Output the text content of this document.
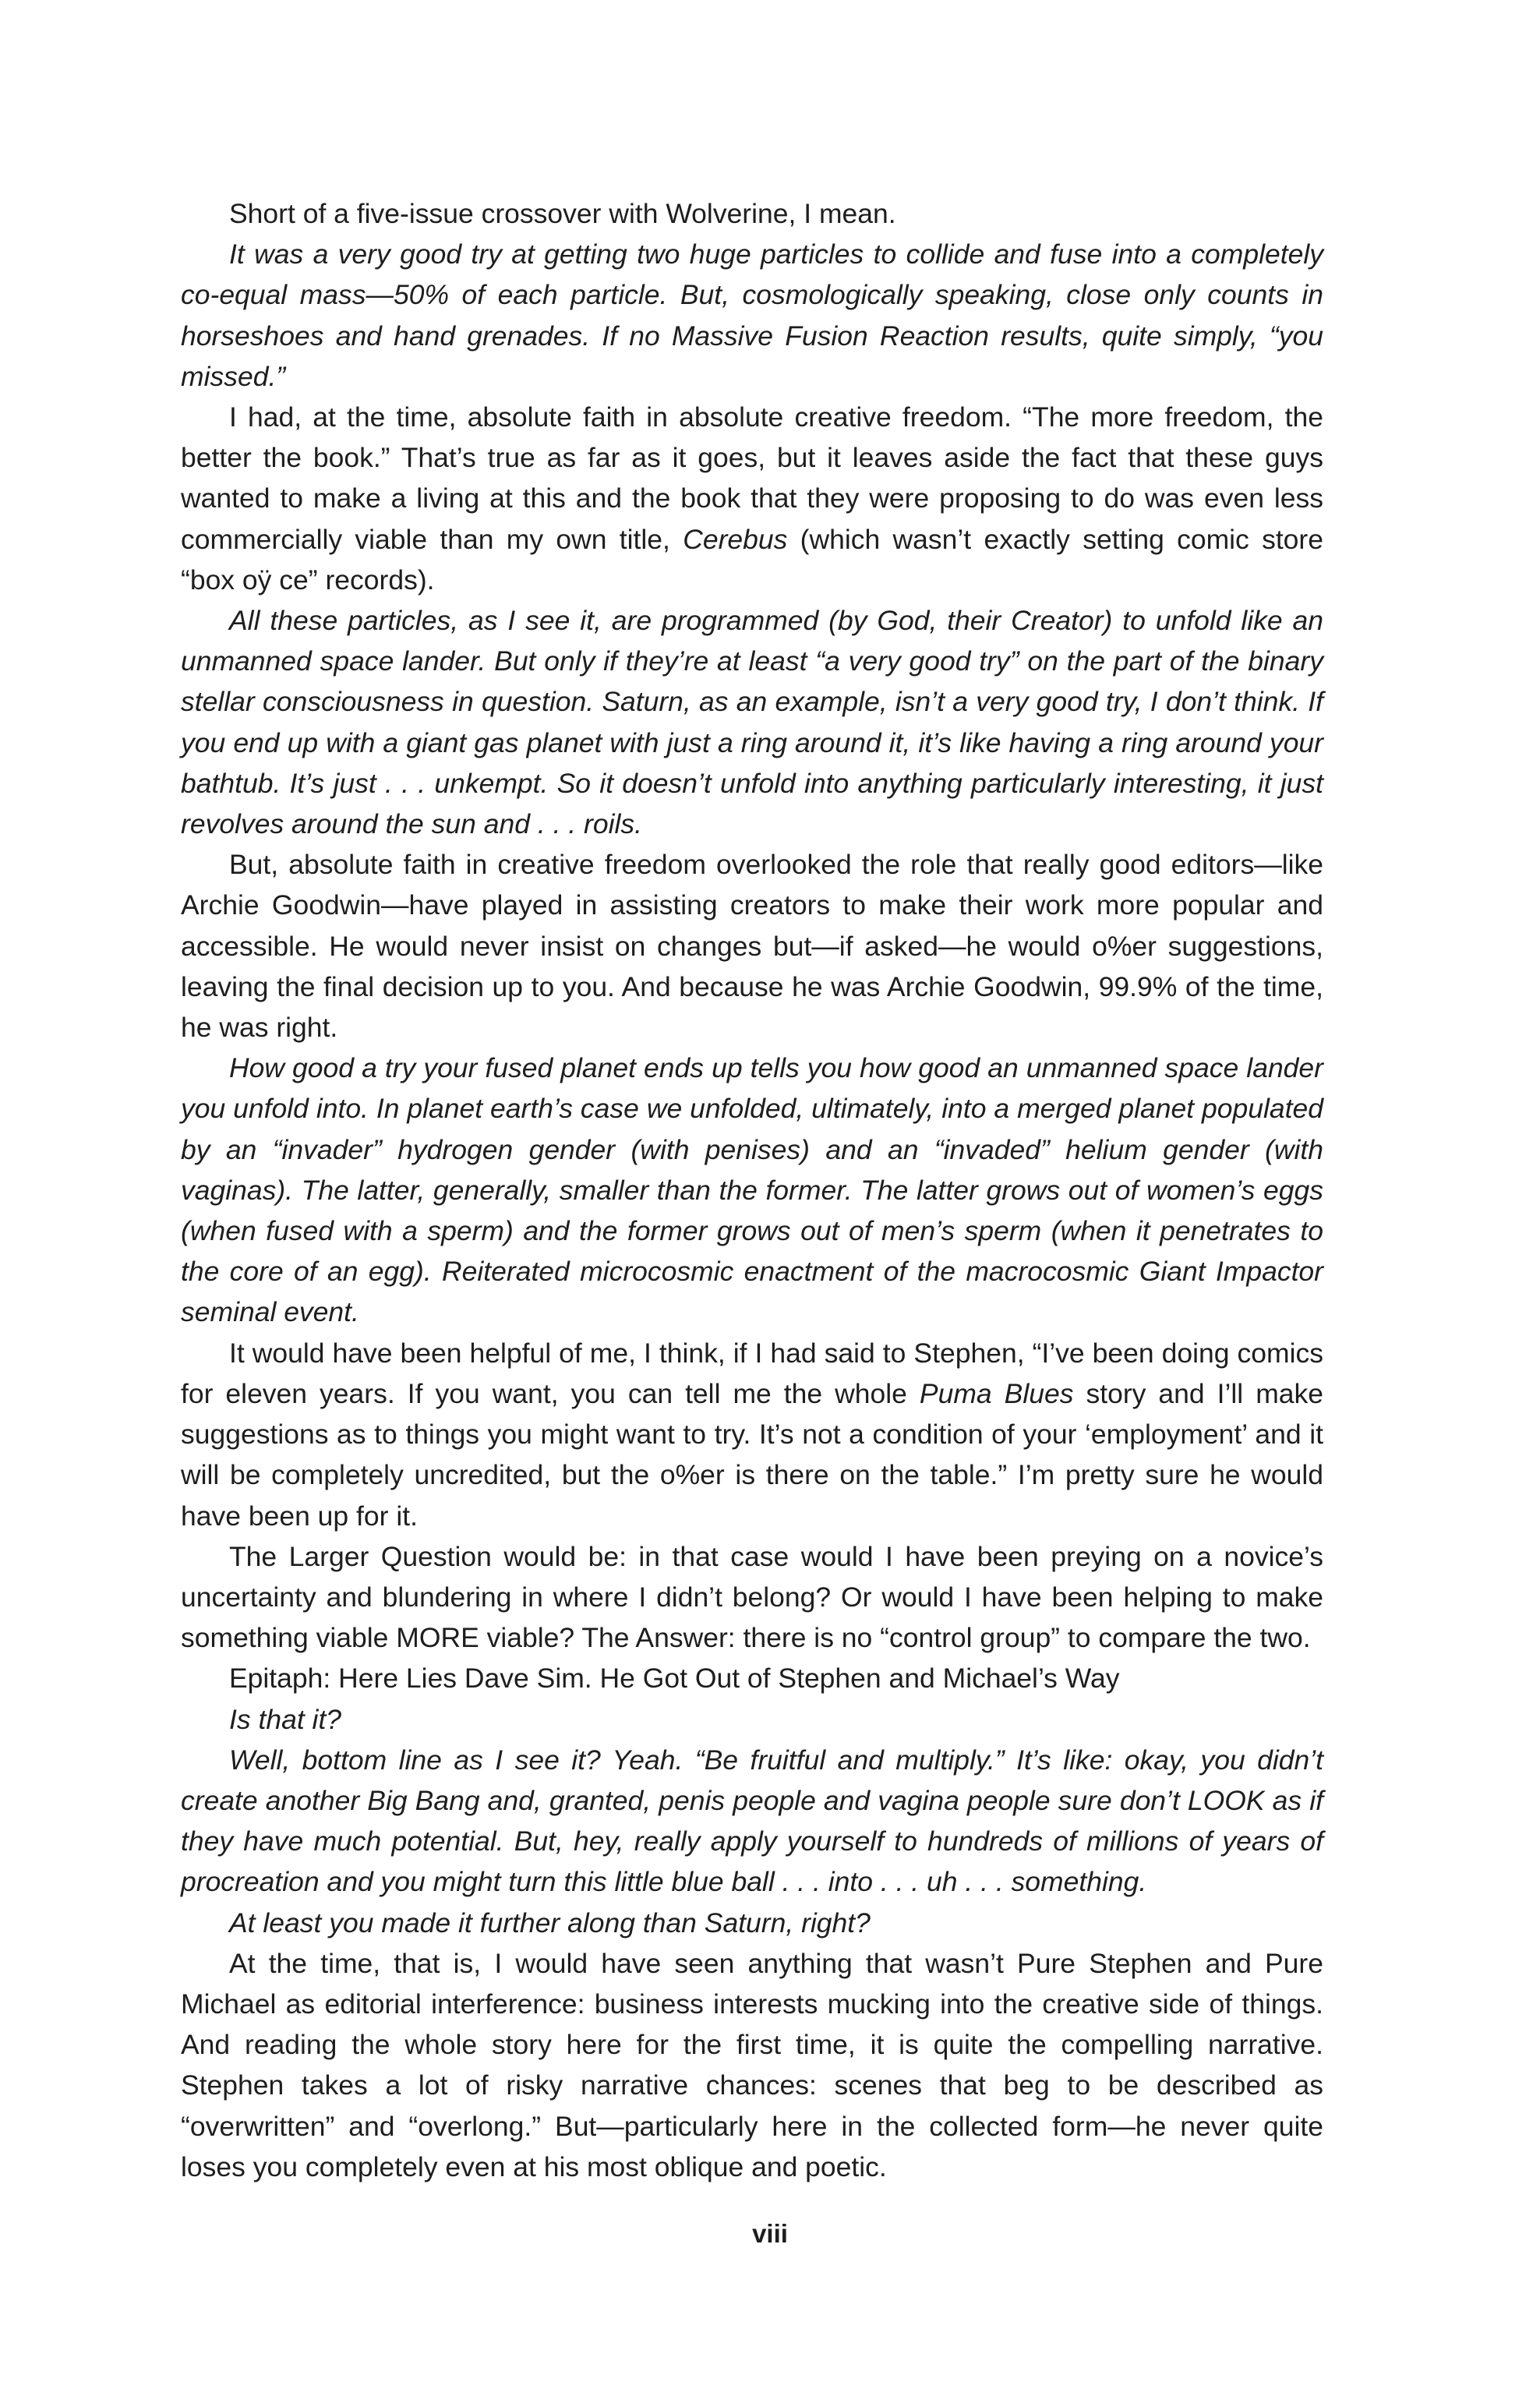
Short of a five-issue crossover with Wolverine, I mean.

It was a very good try at getting two huge particles to collide and fuse into a completely co-equal mass—50% of each particle. But, cosmologically speaking, close only counts in horseshoes and hand grenades. If no Massive Fusion Reaction results, quite simply, “you missed.”

I had, at the time, absolute faith in absolute creative freedom. “The more freedom, the better the book.” That’s true as far as it goes, but it leaves aside the fact that these guys wanted to make a living at this and the book that they were proposing to do was even less commercially viable than my own title, Cerebus (which wasn’t exactly setting comic store “box oÿ ce” records).

All these particles, as I see it, are programmed (by God, their Creator) to unfold like an unmanned space lander. But only if they’re at least “a very good try” on the part of the binary stellar consciousness in question. Saturn, as an example, isn’t a very good try, I don’t think. If you end up with a giant gas planet with just a ring around it, it’s like having a ring around your bathtub. It’s just . . . unkempt. So it doesn’t unfold into anything particularly interesting, it just revolves around the sun and . . . roils.

But, absolute faith in creative freedom overlooked the role that really good editors—like Archie Goodwin—have played in assisting creators to make their work more popular and accessible. He would never insist on changes but—if asked—he would o%er suggestions, leaving the final decision up to you. And because he was Archie Goodwin, 99.9% of the time, he was right.

How good a try your fused planet ends up tells you how good an unmanned space lander you unfold into. In planet earth’s case we unfolded, ultimately, into a merged planet populated by an “invader” hydrogen gender (with penises) and an “invaded” helium gender (with vaginas). The latter, generally, smaller than the former. The latter grows out of women’s eggs (when fused with a sperm) and the former grows out of men’s sperm (when it penetrates to the core of an egg). Reiterated microcosmic enactment of the macrocosmic Giant Impactor seminal event.

It would have been helpful of me, I think, if I had said to Stephen, “I’ve been doing comics for eleven years. If you want, you can tell me the whole Puma Blues story and I’ll make suggestions as to things you might want to try. It’s not a condition of your ‘employment’ and it will be completely uncredited, but the o%er is there on the table.” I’m pretty sure he would have been up for it.

The Larger Question would be: in that case would I have been preying on a novice’s uncertainty and blundering in where I didn’t belong? Or would I have been helping to make something viable MORE viable? The Answer: there is no “control group” to compare the two.

Epitaph: Here Lies Dave Sim. He Got Out of Stephen and Michael’s Way

Is that it?

Well, bottom line as I see it? Yeah. “Be fruitful and multiply.” It’s like: okay, you didn’t create another Big Bang and, granted, penis people and vagina people sure don’t LOOK as if they have much potential. But, hey, really apply yourself to hundreds of millions of years of procreation and you might turn this little blue ball . . . into . . . uh . . . something.

At least you made it further along than Saturn, right?

At the time, that is, I would have seen anything that wasn’t Pure Stephen and Pure Michael as editorial interference: business interests mucking into the creative side of things. And reading the whole story here for the first time, it is quite the compelling narrative. Stephen takes a lot of risky narrative chances: scenes that beg to be described as “overwritten” and “overlong.” But—particularly here in the collected form—he never quite loses you completely even at his most oblique and poetic.

viii
